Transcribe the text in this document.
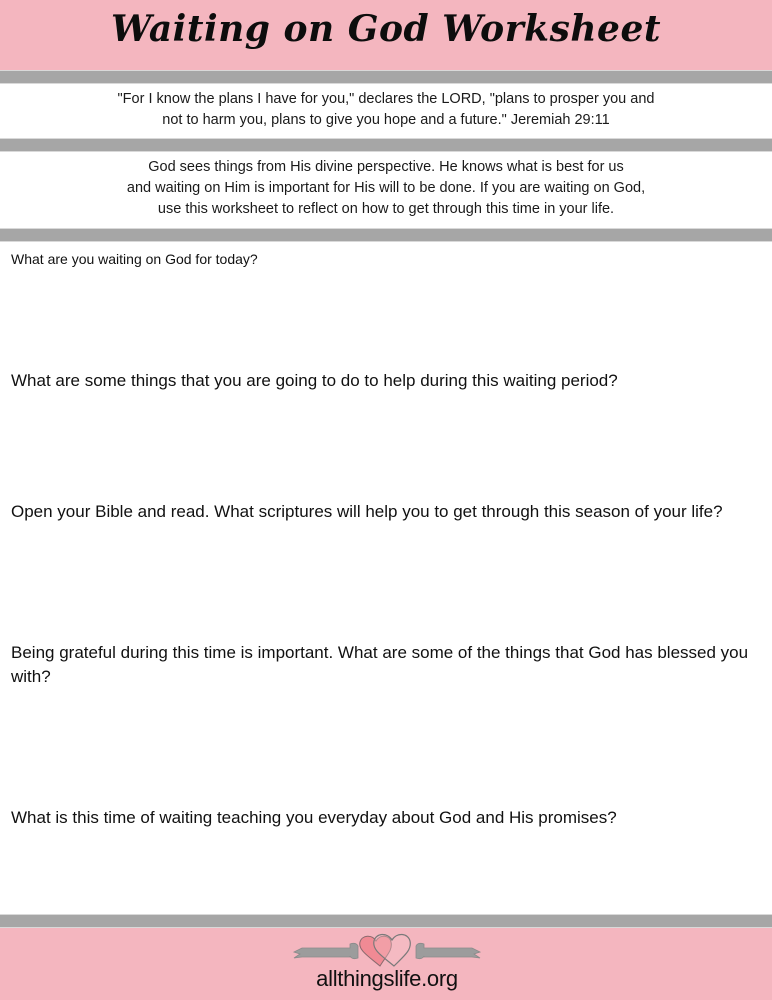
Waiting on God Worksheet
"For I know the plans I have for you," declares the LORD, "plans to prosper you and
not to harm you, plans to give you hope and a future." Jeremiah 29:11
God sees things from His divine perspective. He knows what is best for us
and waiting on Him is important for His will to be done. If you are waiting on God,
use this worksheet to reflect on how to get through this time in your life.
What are you waiting on God for today?
What are some things that you are going to do to help during this waiting period?
Open your Bible and read. What scriptures will help you to get through this season of your life?
Being grateful during this time is important. What are some of the things that God has blessed you with?
What is this time of waiting teaching you everyday about God and His promises?
allthingslife.org
